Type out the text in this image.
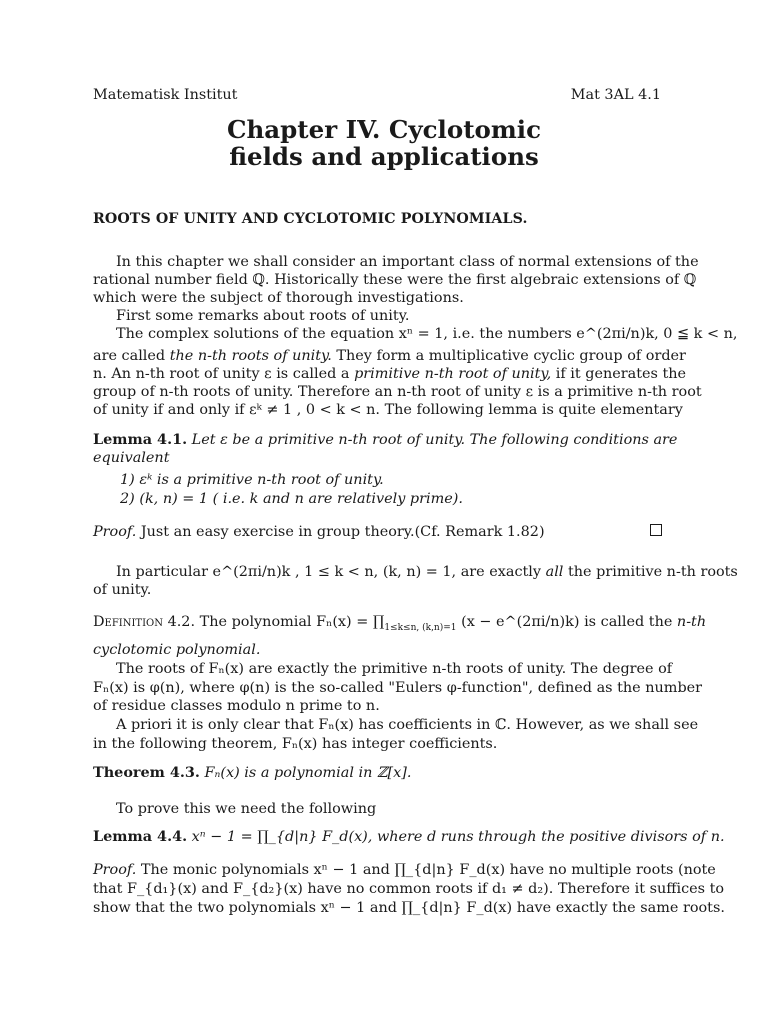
Matematisk Institut	Mat 3AL 4.1
Chapter IV. Cyclotomic
fields and applications
ROOTS OF UNITY AND CYCLOTOMIC POLYNOMIALS.
In this chapter we shall consider an important class of normal extensions of the
rational number field ℚ. Historically these were the first algebraic extensions of ℚ
which were the subject of thorough investigations.
First some remarks about roots of unity.
The complex solutions of the equation xⁿ = 1, i.e. the numbers e^(2πi/n)k, 0 ≦ k < n,
are called the n-th roots of unity. They form a multiplicative cyclic group of order
n. An n-th root of unity ε is called a primitive n-th root of unity, if it generates the
group of n-th roots of unity. Therefore an n-th root of unity ε is a primitive n-th root
of unity if and only if εᵏ ≠ 1 , 0 < k < n. The following lemma is quite elementary
Lemma 4.1. Let ε be a primitive n-th root of unity. The following conditions are
equivalent
1) εᵏ is a primitive n-th root of unity.
2) (k, n) = 1 ( i.e. k and n are relatively prime).
Proof. Just an easy exercise in group theory.(Cf. Remark 1.82)
In particular e^(2πi/n)k , 1 ≤ k < n, (k, n) = 1, are exactly all the primitive n-th roots
of unity.
Definition 4.2. The polynomial $F_n(x) = \prod_{1\le k\le n, (k,n)=1}$ (x − e^(2πi/n)k) is called the n-th
cyclotomic polynomial.
The roots of Fₙ(x) are exactly the primitive n-th roots of unity. The degree of
Fₙ(x) is φ(n), where φ(n) is the so-called "Eulers φ-function", defined as the number
of residue classes modulo n prime to n.
A priori it is only clear that Fₙ(x) has coefficients in ℂ. However, as we shall see
in the following theorem, Fₙ(x) has integer coefficients.
Theorem 4.3. Fₙ(x) is a polynomial in ℤ[x].
To prove this we need the following
Lemma 4.4. xⁿ − 1 = ∏_{d|n} F_d(x), where d runs through the positive divisors of n.
Proof. The monic polynomials xⁿ − 1 and ∏_{d|n} F_d(x) have no multiple roots (note
that F_{d₁}(x) and F_{d₂}(x) have no common roots if d₁ ≠ d₂). Therefore it suffices to
show that the two polynomials xⁿ − 1 and ∏_{d|n} F_d(x) have exactly the same roots.
